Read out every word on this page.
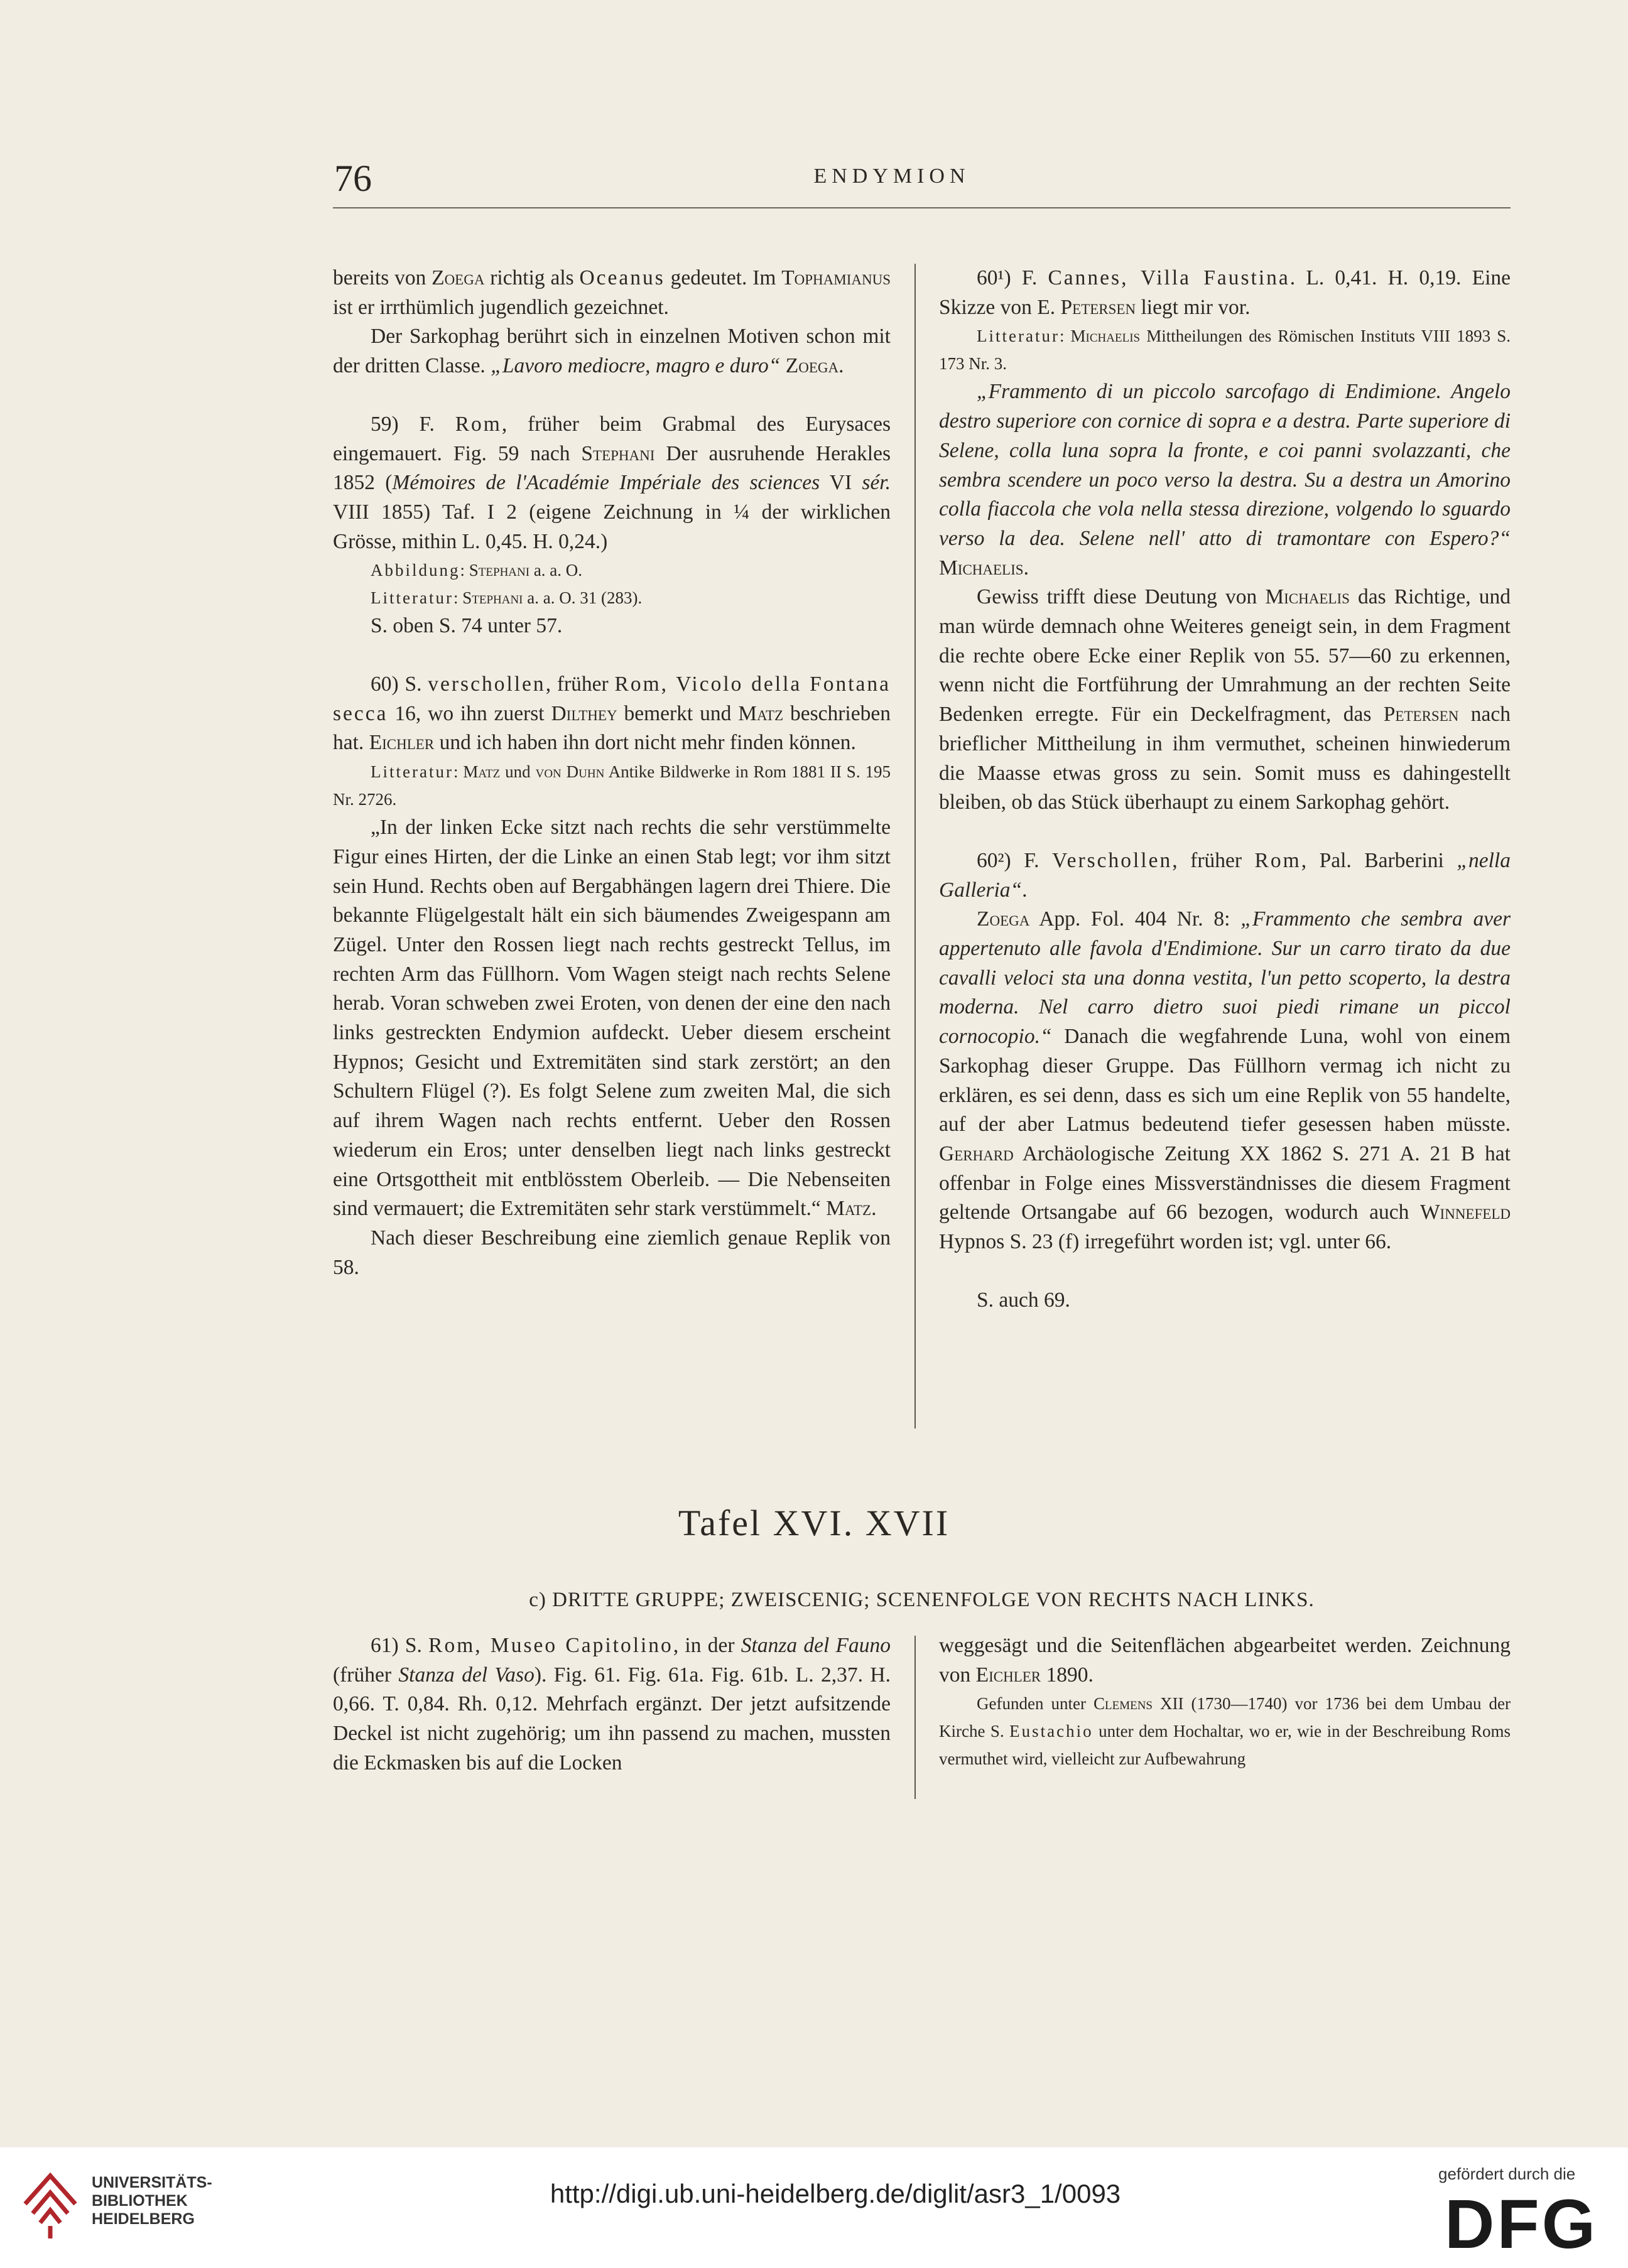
76	ENDYMION

bereits von Zoega richtig als Oceanus gedeutet. Im Tophamianus ist er irrthümlich jugendlich gezeichnet.

Der Sarkophag berührt sich in einzelnen Motiven schon mit der dritten Classe. „Lavoro mediocre, magro e duro“ Zoega.

59) F. Rom, früher beim Grabmal des Eurysaces eingemauert. Fig. 59 nach Stephani Der ausruhende Herakles 1852 (Mémoires de l'Académie Impériale des sciences VI sér. VIII 1855) Taf. I 2 (eigene Zeichnung in ¼ der wirklichen Grösse, mithin L. 0,45. H. 0,24.)

Abbildung: Stephani a. a. O.

Litteratur: Stephani a. a. O. 31 (283).

S. oben S. 74 unter 57.

60) S. verschollen, früher Rom, Vicolo della Fontana secca 16, wo ihn zuerst Dilthey bemerkt und Matz beschrieben hat. Eichler und ich haben ihn dort nicht mehr finden können.

Litteratur: Matz und von Duhn Antike Bildwerke in Rom 1881 II S. 195 Nr. 2726.

„In der linken Ecke sitzt nach rechts die sehr verstümmelte Figur eines Hirten, der die Linke an einen Stab legt; vor ihm sitzt sein Hund. Rechts oben auf Bergabhängen lagern drei Thiere. Die bekannte Flügelgestalt hält ein sich bäumendes Zweigespann am Zügel. Unter den Rossen liegt nach rechts gestreckt Tellus, im rechten Arm das Füllhorn. Vom Wagen steigt nach rechts Selene herab. Voran schweben zwei Eroten, von denen der eine den nach links gestreckten Endymion aufdeckt. Ueber diesem erscheint Hypnos; Gesicht und Extremitäten sind stark zerstört; an den Schultern Flügel (?). Es folgt Selene zum zweiten Mal, die sich auf ihrem Wagen nach rechts entfernt. Ueber den Rossen wiederum ein Eros; unter denselben liegt nach links gestreckt eine Ortsgottheit mit entblösstem Oberleib. — Die Nebenseiten sind vermauert; die Extremitäten sehr stark verstümmelt.“ Matz.

Nach dieser Beschreibung eine ziemlich genaue Replik von 58.

60¹) F. Cannes, Villa Faustina. L. 0,41. H. 0,19. Eine Skizze von E. Petersen liegt mir vor.

Litteratur: Michaelis Mittheilungen des Römischen Instituts VIII 1893 S. 173 Nr. 3.

„Frammento di un piccolo sarcofago di Endimione. Angelo destro superiore con cornice di sopra e a destra. Parte superiore di Selene, colla luna sopra la fronte, e coi panni svolazzanti, che sembra scendere un poco verso la destra. Su a destra un Amorino colla fiaccola che vola nella stessa direzione, volgendo lo sguardo verso la dea. Selene nell' atto di tramontare con Espero?“ Michaelis.

Gewiss trifft diese Deutung von Michaelis das Richtige, und man würde demnach ohne Weiteres geneigt sein, in dem Fragment die rechte obere Ecke einer Replik von 55. 57—60 zu erkennen, wenn nicht die Fortführung der Umrahmung an der rechten Seite Bedenken erregte. Für ein Deckelfragment, das Petersen nach brieflicher Mittheilung in ihm vermuthet, scheinen hinwiederum die Maasse etwas gross zu sein. Somit muss es dahingestellt bleiben, ob das Stück überhaupt zu einem Sarkophag gehört.

60²) F. Verschollen, früher Rom, Pal. Barberini „nella Galleria“.

Zoega App. Fol. 404 Nr. 8: „Frammento che sembra aver appertenuto alle favola d'Endimione. Sur un carro tirato da due cavalli veloci sta una donna vestita, l'un petto scoperto, la destra moderna. Nel carro dietro suoi piedi rimane un piccol cornocopio.“ Danach die wegfahrende Luna, wohl von einem Sarkophag dieser Gruppe. Das Füllhorn vermag ich nicht zu erklären, es sei denn, dass es sich um eine Replik von 55 handelte, auf der aber Latmus bedeutend tiefer gesessen haben müsste. Gerhard Archäologische Zeitung XX 1862 S. 271 A. 21 B hat offenbar in Folge eines Missverständnisses die diesem Fragment geltende Ortsangabe auf 66 bezogen, wodurch auch Winnefeld Hypnos S. 23 (f) irregeführt worden ist; vgl. unter 66.

S. auch 69.

Tafel XVI. XVII
c) DRITTE GRUPPE; ZWEISCENIG; SCENENFOLGE VON RECHTS NACH LINKS.

61) S. Rom, Museo Capitolino, in der Stanza del Fauno (früher Stanza del Vaso). Fig. 61. Fig. 61a. Fig. 61b. L. 2,37. H. 0,66. T. 0,84. Rh. 0,12. Mehrfach ergänzt. Der jetzt aufsitzende Deckel ist nicht zugehörig; um ihn passend zu machen, mussten die Eckmasken bis auf die Locken

weggesägt und die Seitenflächen abgearbeitet werden. Zeichnung von Eichler 1890.

Gefunden unter Clemens XII (1730—1740) vor 1736 bei dem Umbau der Kirche S. Eustachio unter dem Hochaltar, wo er, wie in der Beschreibung Roms vermuthet wird, vielleicht zur Aufbewahrung

UNIVERSITÄTS-
BIBLIOTHEK
HEIDELBERG
http://digi.ub.uni-heidelberg.de/diglit/asr3_1/0093
gefördert durch die
DFG
